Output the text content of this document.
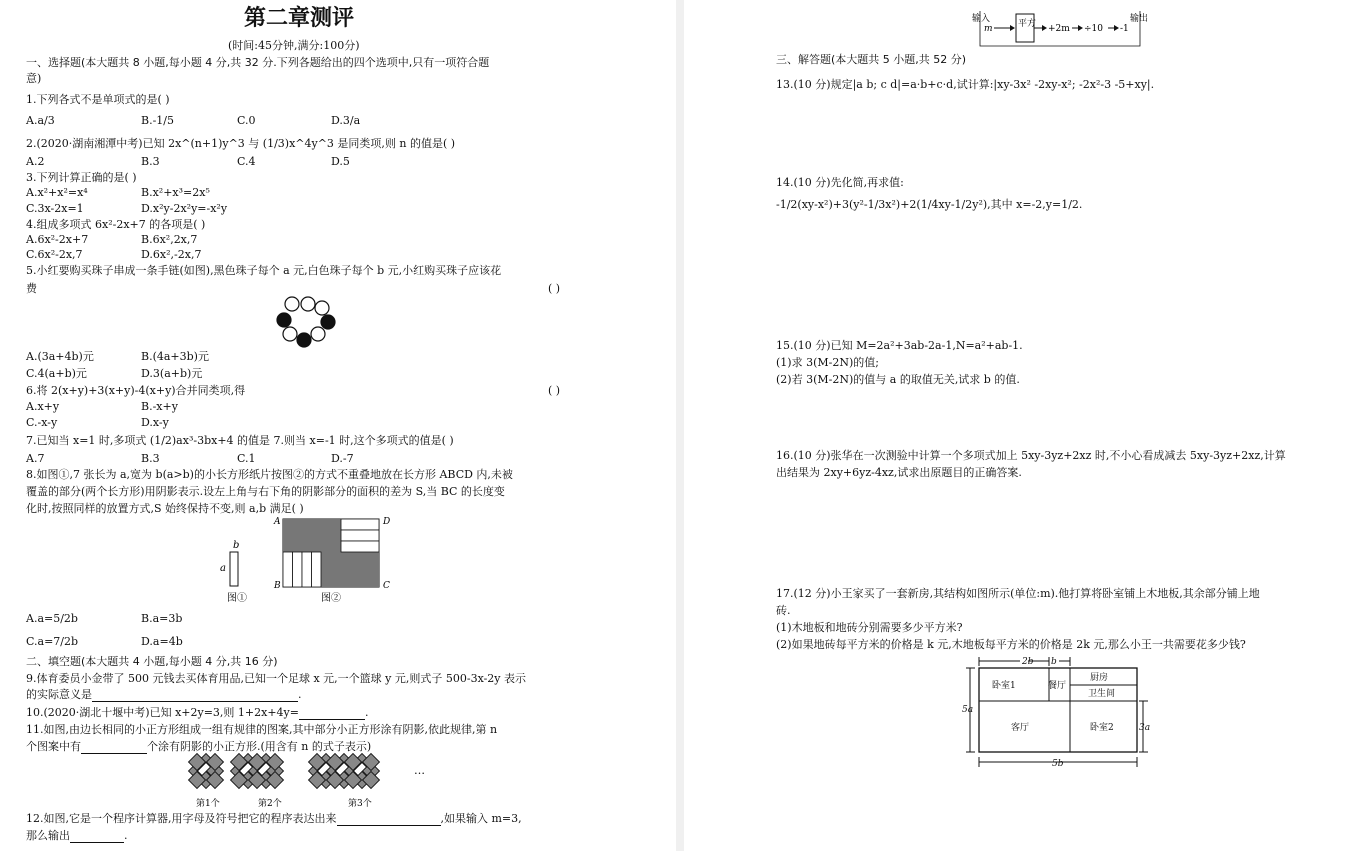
第二章测评
(时间:45分钟,满分:100分)
一、选择题(本大题共 8 小题,每小题 4 分,共 32 分.下列各题给出的四个选项中,只有一项符合题
意)
1.下列各式不是单项式的是( )
A.a/3	B.-1/5	C.0	D.3/a
2.(2020·湖南湘潭中考)已知 2x^(n+1)y^3 与 (1/3)x^4y^3 是同类项,则 n 的值是( )
A.2	B.3	C.4	D.5
3.下列计算正确的是( )
A.x²+x²=x⁴	B.x²+x³=2x⁵
C.3x-2x=1	D.x²y-2x²y=-x²y
4.组成多项式 6x²-2x+7 的各项是( )
A.6x²-2x+7	B.6x²,2x,7
C.6x²-2x,7	D.6x²,-2x,7
5.小红要购买珠子串成一条手链(如图),黑色珠子每个 a 元,白色珠子每个 b 元,小红购买珠子应该花
费	( )
A.(3a+4b)元	B.(4a+3b)元
C.4(a+b)元	D.3(a+b)元
6.将 2(x+y)+3(x+y)-4(x+y)合并同类项,得	( )
A.x+y	B.-x+y
C.-x-y	D.x-y
7.已知当 x=1 时,多项式 (1/2)ax³-3bx+4 的值是 7.则当 x=-1 时,这个多项式的值是( )
A.7	B.3	C.1	D.-7
8.如图①,7 张长为 a,宽为 b(a>b)的小长方形纸片按图②的方式不重叠地放在长方形 ABCD 内,未被
覆盖的部分(两个长方形)用阴影表示.设左上角与右下角的阴影部分的面积的差为 S,当 BC 的长度变
化时,按照同样的放置方式,S 始终保持不变,则 a,b 满足( )
b
a
A	D
B	C
图①	图②
A.a=5/2b	B.a=3b
C.a=7/2b	D.a=4b
二、填空题(本大题共 4 小题,每小题 4 分,共 16 分)
9.体育委员小金带了 500 元钱去买体育用品,已知一个足球 x 元,一个篮球 y 元,则式子 500-3x-2y 表示
的实际意义是	.
10.(2020·湖北十堰中考)已知 x+2y=3,则 1+2x+4y=	.
11.如图,由边长相同的小正方形组成一组有规律的图案,其中部分小正方形涂有阴影,依此规律,第 n
个图案中有	个涂有阴影的小正方形.(用含有 n 的式子表示)
…
第1个	第2个	第3个
12.如图,它是一个程序计算器,用字母及符号把它的程序表达出来	,如果输入 m=3,
那么输出	.
输入
m	平方 +2m ÷10 -1
输出
三、解答题(本大题共 5 小题,共 52 分)
13.(10 分)规定|a b; c d|=a·b+c·d,试计算:|xy-3x² -2xy-x²; -2x²-3 -5+xy|.
14.(10 分)先化简,再求值:
-1/2(xy-x²)+3(y²-1/3x²)+2(1/4xy-1/2y²),其中 x=-2,y=1/2.
15.(10 分)已知 M=2a²+3ab-2a-1,N=a²+ab-1.
(1)求 3(M-2N)的值;
(2)若 3(M-2N)的值与 a 的取值无关,试求 b 的值.
16.(10 分)张华在一次测验中计算一个多项式加上 5xy-3yz+2xz 时,不小心看成减去 5xy-3yz+2xz,计算
出结果为 2xy+6yz-4xz,试求出原题目的正确答案.
17.(12 分)小王家买了一套新房,其结构如图所示(单位:m).他打算将卧室铺上木地板,其余部分铺上地
砖.
(1)木地板和地砖分别需要多少平方米?
(2)如果地砖每平方米的价格是 k 元,木地板每平方米的价格是 2k 元,那么小王一共需要花多少钱?
2b b
5a
3a
5b
卧室1	餐厅
厨房
卫生间
客厅	卧室2
